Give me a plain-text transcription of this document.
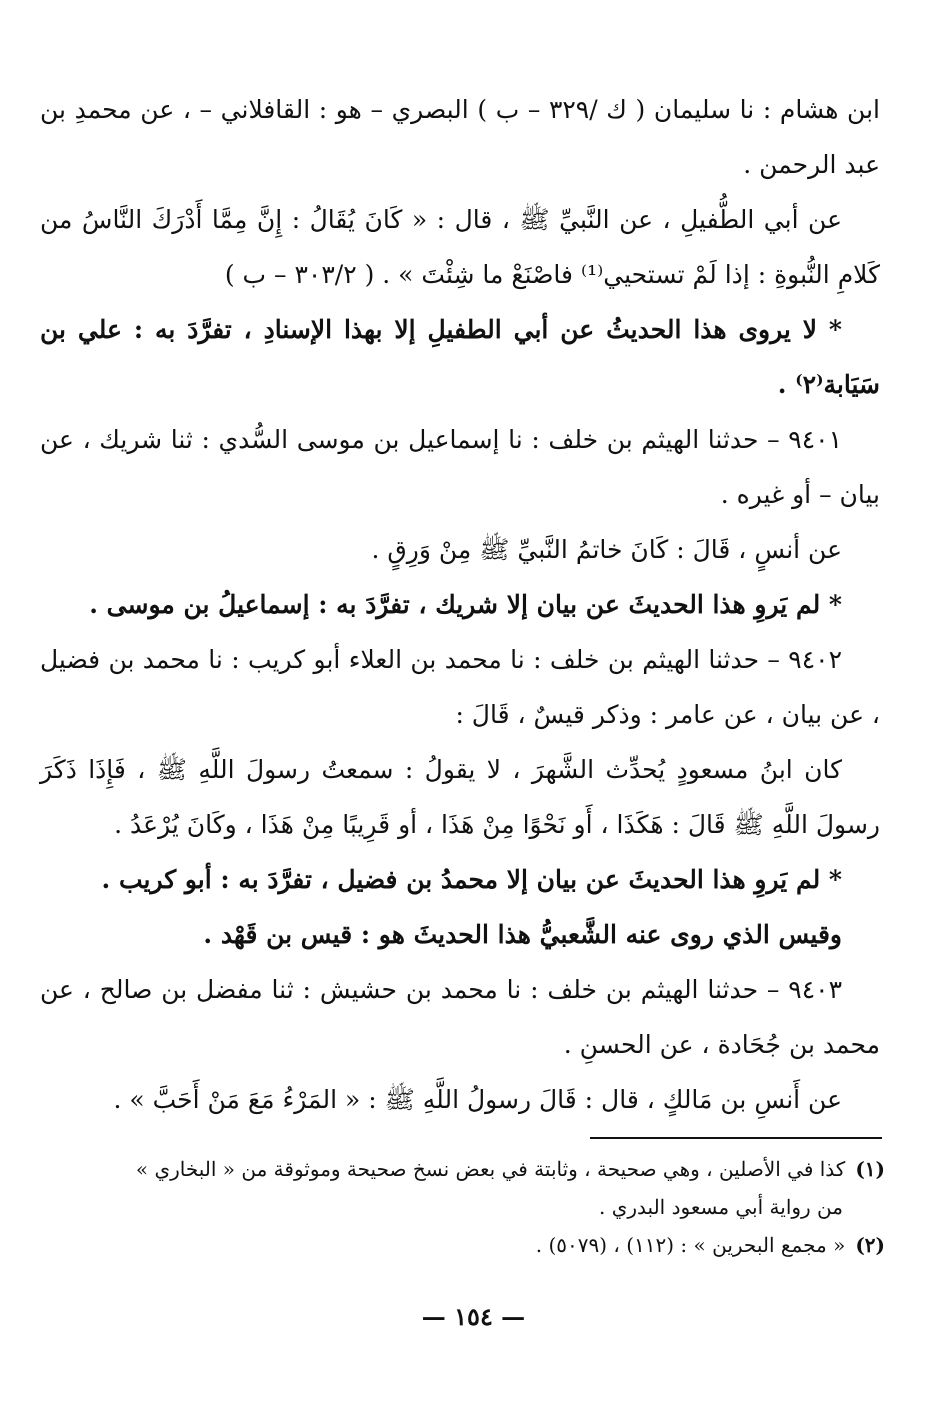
ابن هشام : نا سليمان ( ك /٣٢٩ – ب ) البصري – هو : القافلاني – ، عن محمدِ بن عبد الرحمن .

عن أبي الطُّفيلِ ، عن النَّبيِّ ﷺ ، قال : « كَانَ يُقَالُ : إِنَّ مِمَّا أَدْرَكَ النَّاسُ من كَلامِ النُّبوةِ : إذا لَمْ تستحيي⁽¹⁾ فاصْنَعْ ما شِئْتَ » . ( ٣٠٣/٢ – ب )

* لا يروى هذا الحديثُ عن أبي الطفيلِ إلا بهذا الإسنادِ ، تفرَّدَ به : علي بن سَيَابة⁽٢⁾ .

٩٤٠١ – حدثنا الهيثم بن خلف : نا إسماعيل بن موسى السُّدي : ثنا شريك ، عن بيان – أو غيره .

عن أنسٍ ، قَالَ : كَانَ خاتمُ النَّبيِّ ﷺ مِنْ وَرِقٍ .

* لم يَروِ هذا الحديثَ عن بيان إلا شريك ، تفرَّدَ به : إسماعيلُ بن موسى .

٩٤٠٢ – حدثنا الهيثم بن خلف : نا محمد بن العلاء أبو كريب : نا محمد بن فضيل ، عن بيان ، عن عامر : وذكر قيسٌ ، قَالَ :

كان ابنُ مسعودٍ يُحدِّث الشَّهرَ ، لا يقولُ : سمعتُ رسولَ اللَّهِ ﷺ ، فَإِذَا ذَكَرَ رسولَ اللَّهِ ﷺ قَالَ : هَكَذَا ، أَو نَحْوًا مِنْ هَذَا ، أو قَرِيبًا مِنْ هَذَا ، وكَانَ يُرْعَدُ .

* لم يَروِ هذا الحديثَ عن بيان إلا محمدُ بن فضيل ، تفرَّدَ به : أبو كريب .

وقيس الذي روى عنه الشَّعبيُّ هذا الحديثَ هو : قيس بن قَهْد .

٩٤٠٣ – حدثنا الهيثم بن خلف : نا محمد بن حشيش : ثنا مفضل بن صالح ، عن محمد بن جُحَادة ، عن الحسنِ .

عن أَنسِ بن مَالكٍ ، قال : قَالَ رسولُ اللَّهِ ﷺ : « المَرْءُ مَعَ مَنْ أَحَبَّ » .

(١)كذا في الأصلين ، وهي صحيحة ، وثابتة في بعض نسخ صحيحة وموثوقة من « البخاري »

من رواية أبي مسعود البدري .

(٢)« مجمع البحرين » : (١١٢) ، (٥٠٧٩) .

— ١٥٤ —
